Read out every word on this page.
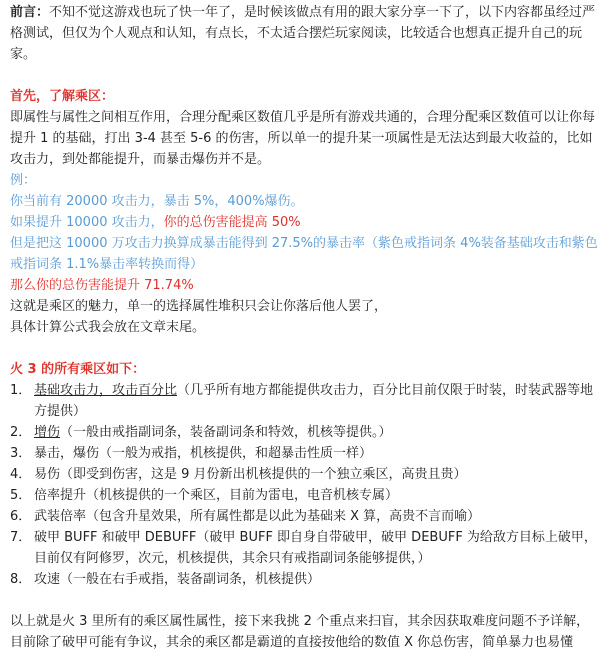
前言：不知不觉这游戏也玩了快一年了，是时候该做点有用的跟大家分享一下了，以下内容都虽经过严格测试，但仅为个人观点和认知，有点长，不太适合摆烂玩家阅读，比较适合也想真正提升自己的玩家。

首先，了解乘区：

即属性与属性之间相互作用，合理分配乘区数值几乎是所有游戏共通的，合理分配乘区数值可以让你每提升 1 的基础，打出 3-4 甚至 5-6 的伤害，所以单一的提升某一项属性是无法达到最大收益的，比如攻击力，到处都能提升，而暴击爆伤并不是。

例：

你当前有 20000 攻击力，暴击 5%，400%爆伤。

如果提升 10000 攻击力，你的总伤害能提高 50%

但是把这 10000 万攻击力换算成暴击能得到 27.5%的暴击率（紫色戒指词条 4%装备基础攻击和紫色戒指词条 1.1%暴击率转换而得）

那么你的总伤害能提升 71.74%

这就是乘区的魅力，单一的选择属性堆积只会让你落后他人罢了，

具体计算公式我会放在文章末尾。

火 3 的所有乘区如下：

1． 基础攻击力，攻击百分比（几乎所有地方都能提供攻击力，百分比目前仅限于时装，时装武器等地方提供）
2． 增伤（一般由戒指副词条，装备副词条和特效，机核等提供。）
3． 暴击，爆伤（一般为戒指，机核提供，和超暴击性质一样）
4． 易伤（即受到伤害，这是 9 月份新出机核提供的一个独立乘区，高贵且贵）
5． 倍率提升（机核提供的一个乘区，目前为雷电，电音机核专属）
6． 武装倍率（包含升星效果，所有属性都是以此为基础来 X 算，高贵不言而喻）
7． 破甲 BUFF 和破甲 DEBUFF（破甲 BUFF 即自身自带破甲，破甲 DEBUFF 为给敌方目标上破甲，目前仅有阿修罗，次元，机核提供，其余只有戒指副词条能够提供，）
8． 攻速（一般在右手戒指，装备副词条，机核提供）

以上就是火 3 里所有的乘区属性属性，接下来我挑 2 个重点来扫盲，其余因获取难度问题不予详解，目前除了破甲可能有争议，其余的乘区都是霸道的直接按他给的数值 X 你总伤害，简单暴力也易懂
